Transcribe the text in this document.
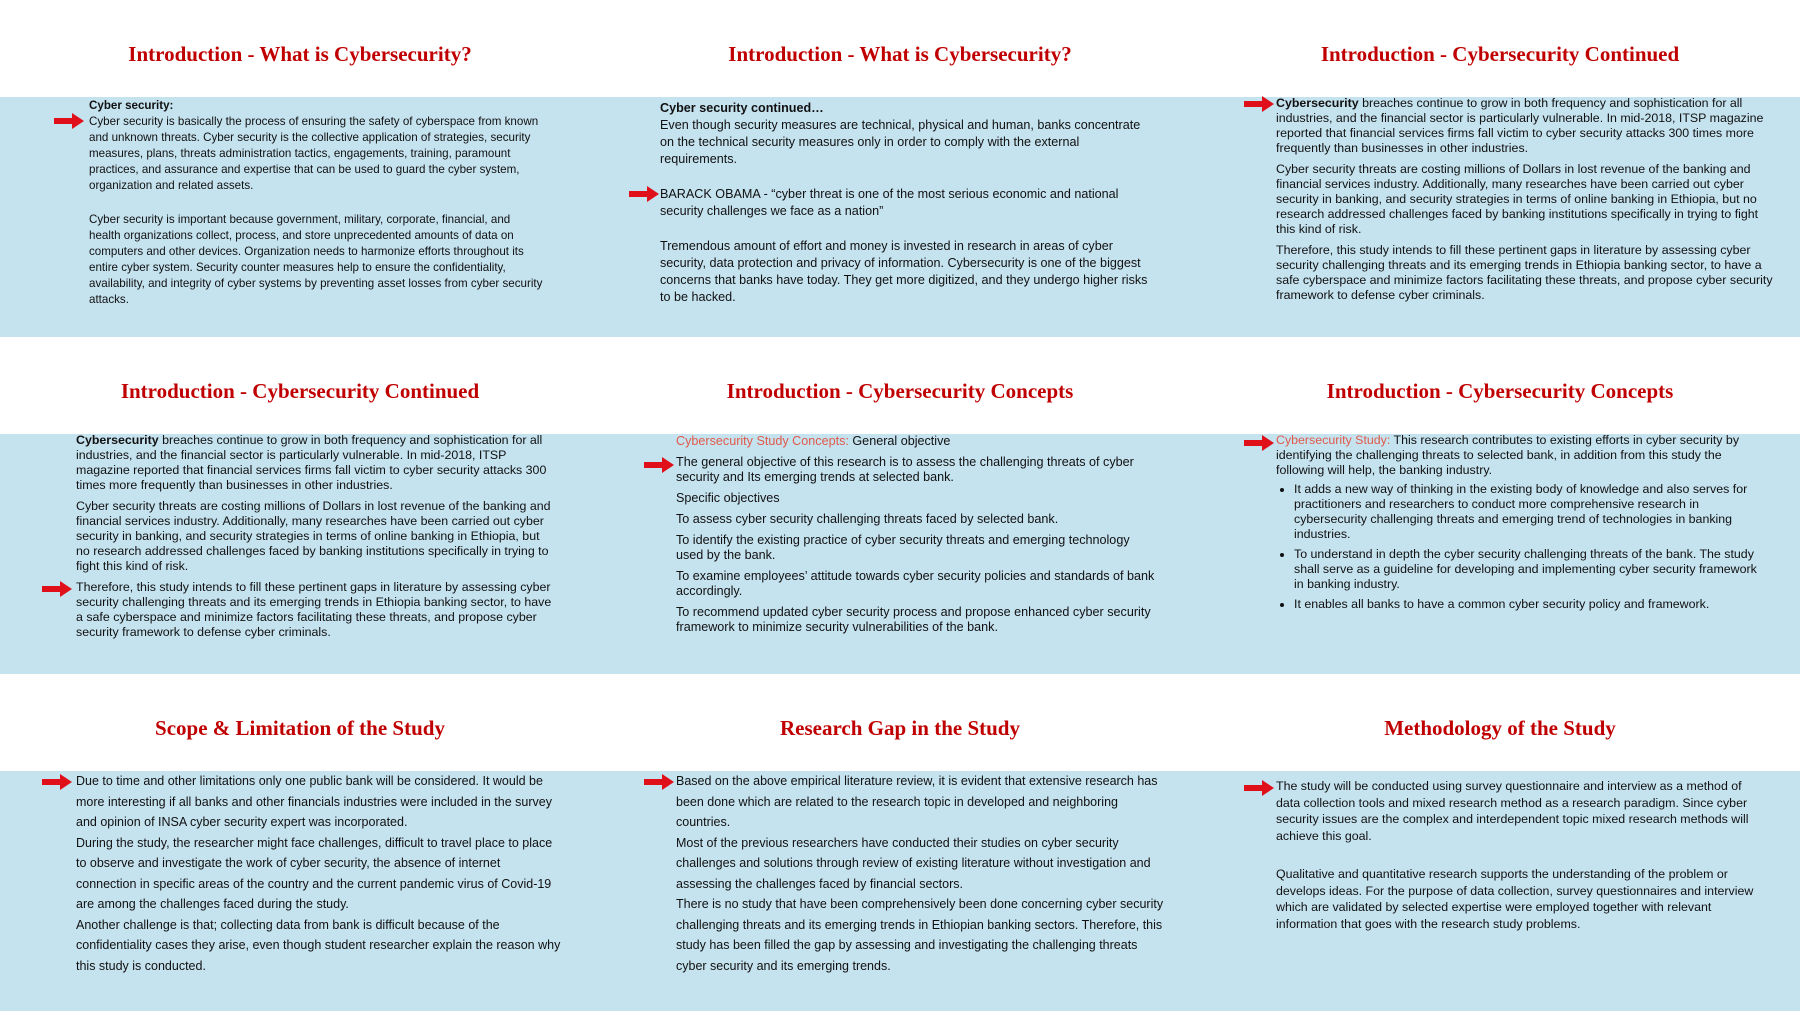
Introduction - What is Cybersecurity?

Cyber security:

Cyber security is basically the process of ensuring the safety of cyberspace from known and unknown threats. Cyber security is the collective application of strategies, security measures, plans, threats administration tactics, engagements, training, paramount practices, and assurance and expertise that can be used to guard the cyber system, organization and related assets.

Cyber security is important because government, military, corporate, financial, and health organizations collect, process, and store unprecedented amounts of data on computers and other devices. Organization needs to harmonize efforts throughout its entire cyber system. Security counter measures help to ensure the confidentiality, availability, and integrity of cyber systems by preventing asset losses from cyber security attacks.

Introduction - What is Cybersecurity?

Cyber security continued…

Even though security measures are technical, physical and human, banks concentrate on the technical security measures only in order to comply with the external requirements.

BARACK OBAMA - “cyber threat is one of the most serious economic and national security challenges we face as a nation”

Tremendous amount of effort and money is invested in research in areas of cyber security, data protection and privacy of information. Cybersecurity is one of the biggest concerns that banks have today. They get more digitized, and they undergo higher risks to be hacked.

Introduction - Cybersecurity Continued

Cybersecurity breaches continue to grow in both frequency and sophistication for all industries, and the financial sector is particularly vulnerable. In mid-2018, ITSP magazine reported that financial services firms fall victim to cyber security attacks 300 times more frequently than businesses in other industries.

Cyber security threats are costing millions of Dollars in lost revenue of the banking and financial services industry. Additionally, many researches have been carried out cyber security in banking, and security strategies in terms of online banking in Ethiopia, but no research addressed challenges faced by banking institutions specifically in trying to fight this kind of risk.

Therefore, this study intends to fill these pertinent gaps in literature by assessing cyber security challenging threats and its emerging trends in Ethiopia banking sector, to have a safe cyberspace and minimize factors facilitating these threats, and propose cyber security framework to defense cyber criminals.

Introduction - Cybersecurity Continued

Cybersecurity breaches continue to grow in both frequency and sophistication for all industries, and the financial sector is particularly vulnerable. In mid-2018, ITSP magazine reported that financial services firms fall victim to cyber security attacks 300 times more frequently than businesses in other industries.

Cyber security threats are costing millions of Dollars in lost revenue of the banking and financial services industry. Additionally, many researches have been carried out cyber security in banking, and security strategies in terms of online banking in Ethiopia, but no research addressed challenges faced by banking institutions specifically in trying to fight this kind of risk.

Therefore, this study intends to fill these pertinent gaps in literature by assessing cyber security challenging threats and its emerging trends in Ethiopia banking sector, to have a safe cyberspace and minimize factors facilitating these threats, and propose cyber security framework to defense cyber criminals.

Introduction - Cybersecurity Concepts

Cybersecurity Study Concepts: General objective

The general objective of this research is to assess the challenging threats of cyber security and Its emerging trends at selected bank.

Specific objectives

To assess cyber security challenging threats faced by selected bank.

To identify the existing practice of cyber security threats and emerging technology used by the bank.

To examine employees’ attitude towards cyber security policies and standards of bank accordingly.

To recommend updated cyber security process and propose enhanced cyber security framework to minimize security vulnerabilities of the bank.

Introduction - Cybersecurity Concepts

Cybersecurity Study: This research contributes to existing efforts in cyber security by identifying the challenging threats to selected bank, in addition from this study the following will help, the banking industry.

• It adds a new way of thinking in the existing body of knowledge and also serves for practitioners and researchers to conduct more comprehensive research in cybersecurity challenging threats and emerging trend of technologies in banking industries.
• To understand in depth the cyber security challenging threats of the bank. The study shall serve as a guideline for developing and implementing cyber security framework in banking industry.
• It enables all banks to have a common cyber security policy and framework.
Scope & Limitation of the Study

Due to time and other limitations only one public bank will be considered. It would be more interesting if all banks and other financials industries were included in the survey and opinion of INSA cyber security expert was incorporated.

During the study, the researcher might face challenges, difficult to travel place to place to observe and investigate the work of cyber security, the absence of internet connection in specific areas of the country and the current pandemic virus of Covid-19 are among the challenges faced during the study.

Another challenge is that; collecting data from bank is difficult because of the confidentiality cases they arise, even though student researcher explain the reason why this study is conducted.

Research Gap in the Study

Based on the above empirical literature review, it is evident that extensive research has been done which are related to the research topic in developed and neighboring countries.

Most of the previous researchers have conducted their studies on cyber security challenges and solutions through review of existing literature without investigation and assessing the challenges faced by financial sectors.

There is no study that have been comprehensively been done concerning cyber security challenging threats and its emerging trends in Ethiopian banking sectors. Therefore, this study has been filled the gap by assessing and investigating the challenging threats cyber security and its emerging trends.

Methodology of the Study

The study will be conducted using survey questionnaire and interview as a method of data collection tools and mixed research method as a research paradigm. Since cyber security issues are the complex and interdependent topic mixed research methods will achieve this goal.

Qualitative and quantitative research supports the understanding of the problem or develops ideas. For the purpose of data collection, survey questionnaires and interview which are validated by selected expertise were employed together with relevant information that goes with the research study problems.
